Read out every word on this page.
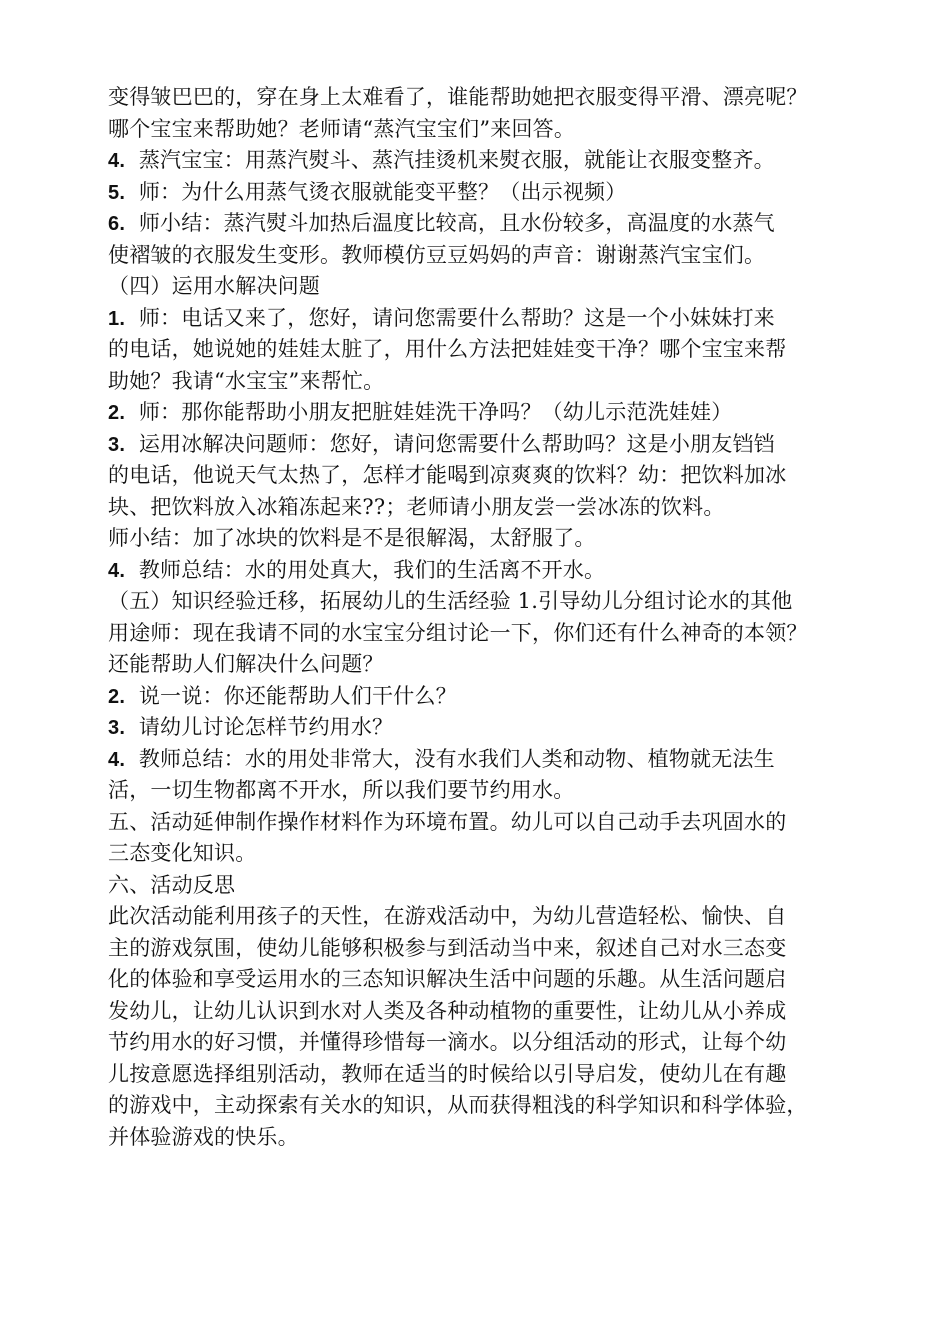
变得皱巴巴的，穿在身上太难看了，谁能帮助她把衣服变得平滑、漂亮呢？
哪个宝宝来帮助她？老师请“蒸汽宝宝们”来回答。
4. 蒸汽宝宝：用蒸汽熨斗、蒸汽挂烫机来熨衣服，就能让衣服变整齐。
5. 师：为什么用蒸气烫衣服就能变平整？（出示视频）
6. 师小结：蒸汽熨斗加热后温度比较高，且水份较多，高温度的水蒸气
使褶皱的衣服发生变形。教师模仿豆豆妈妈的声音：谢谢蒸汽宝宝们。
（四）运用水解决问题
1. 师：电话又来了，您好，请问您需要什么帮助？这是一个小妹妹打来
的电话，她说她的娃娃太脏了，用什么方法把娃娃变干净？哪个宝宝来帮
助她？我请“水宝宝”来帮忙。
2. 师：那你能帮助小朋友把脏娃娃洗干净吗？（幼儿示范洗娃娃）
3. 运用冰解决问题师：您好，请问您需要什么帮助吗？这是小朋友铛铛
的电话，他说天气太热了，怎样才能喝到凉爽爽的饮料？幼：把饮料加冰
块、把饮料放入冰箱冻起来??；老师请小朋友尝一尝冰冻的饮料。
师小结：加了冰块的饮料是不是很解渴，太舒服了。
4. 教师总结：水的用处真大，我们的生活离不开水。
（五）知识经验迁移，拓展幼儿的生活经验 1.引导幼儿分组讨论水的其他
用途师：现在我请不同的水宝宝分组讨论一下，你们还有什么神奇的本领？
还能帮助人们解决什么问题？
2. 说一说：你还能帮助人们干什么？
3. 请幼儿讨论怎样节约用水？
4. 教师总结：水的用处非常大，没有水我们人类和动物、植物就无法生
活，一切生物都离不开水，所以我们要节约用水。
五、活动延伸制作操作材料作为环境布置。幼儿可以自己动手去巩固水的
三态变化知识。
六、活动反思
此次活动能利用孩子的天性，在游戏活动中，为幼儿营造轻松、愉快、自
主的游戏氛围，使幼儿能够积极参与到活动当中来，叙述自己对水三态变
化的体验和享受运用水的三态知识解决生活中问题的乐趣。从生活问题启
发幼儿，让幼儿认识到水对人类及各种动植物的重要性，让幼儿从小养成
节约用水的好习惯，并懂得珍惜每一滴水。以分组活动的形式，让每个幼
儿按意愿选择组别活动，教师在适当的时候给以引导启发，使幼儿在有趣
的游戏中，主动探索有关水的知识，从而获得粗浅的科学知识和科学体验，
并体验游戏的快乐。
